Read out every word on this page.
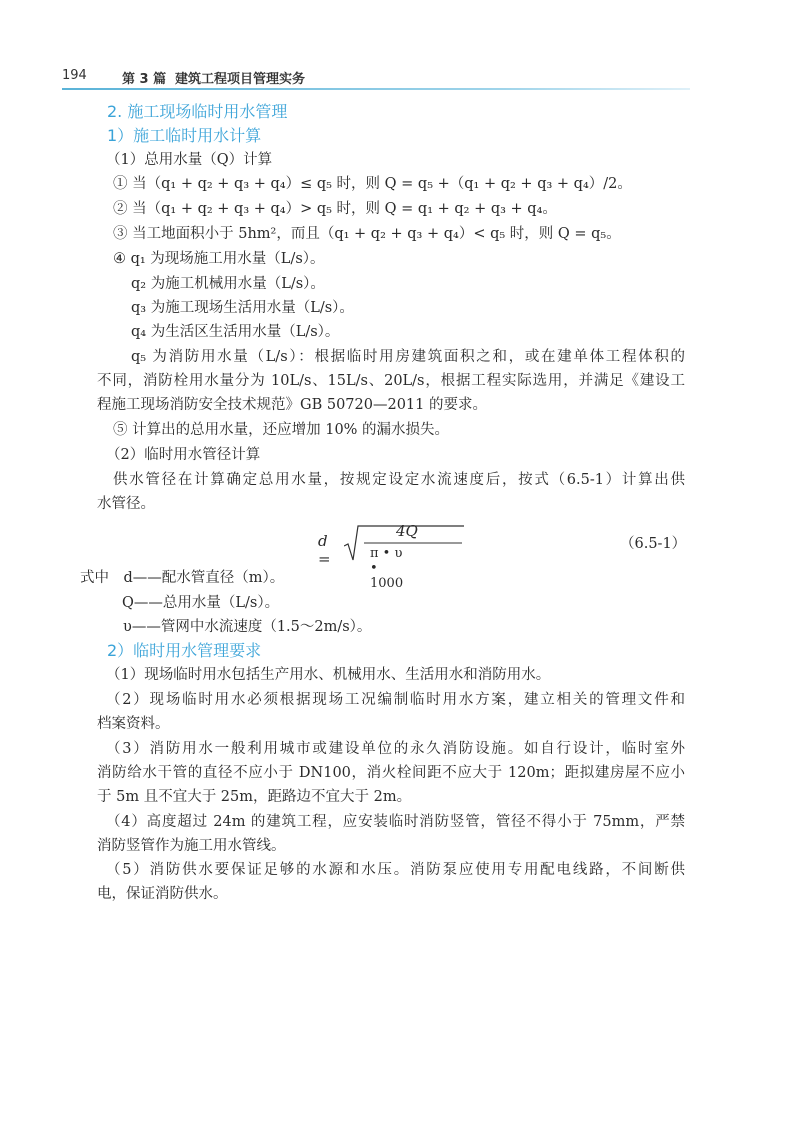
194	第 3 篇 建筑工程项目管理实务
2. 施工现场临时用水管理
1）施工临时用水计算
（1）总用水量（Q）计算
① 当（q₁ + q₂ + q₃ + q₄）≤ q₅ 时，则 Q = q₅ +（q₁ + q₂ + q₃ + q₄）/2。
② 当（q₁ + q₂ + q₃ + q₄）> q₅ 时，则 Q = q₁ + q₂ + q₃ + q₄。
③ 当工地面积小于 5hm²，而且（q₁ + q₂ + q₃ + q₄）< q₅ 时，则 Q = q₅。
④ q₁ 为现场施工用水量（L/s）。
q₂ 为施工机械用水量（L/s）。
q₃ 为施工现场生活用水量（L/s）。
q₄ 为生活区生活用水量（L/s）。
q₅ 为消防用水量（L/s）：根据临时用房建筑面积之和，或在建单体工程体积的
不同，消防栓用水量分为 10L/s、15L/s、20L/s，根据工程实际选用，并满足《建设工
程施工现场消防安全技术规范》GB 50720—2011 的要求。
⑤ 计算出的总用水量，还应增加 10% 的漏水损失。
（2）临时用水管径计算
供水管径在计算确定总用水量，按规定设定水流速度后，按式（6.5-1）计算出供
水管径。
d =
4Q
π • υ • 1000
（6.5-1）
式中　d——配水管直径（m）。
Q——总用水量（L/s）。
υ——管网中水流速度（1.5～2m/s）。
2）临时用水管理要求
（1）现场临时用水包括生产用水、机械用水、生活用水和消防用水。
（2）现场临时用水必须根据现场工况编制临时用水方案，建立相关的管理文件和
档案资料。
（3）消防用水一般利用城市或建设单位的永久消防设施。如自行设计，临时室外
消防给水干管的直径不应小于 DN100，消火栓间距不应大于 120m；距拟建房屋不应小
于 5m 且不宜大于 25m，距路边不宜大于 2m。
（4）高度超过 24m 的建筑工程，应安装临时消防竖管，管径不得小于 75mm，严禁
消防竖管作为施工用水管线。
（5）消防供水要保证足够的水源和水压。消防泵应使用专用配电线路，不间断供
电，保证消防供水。
